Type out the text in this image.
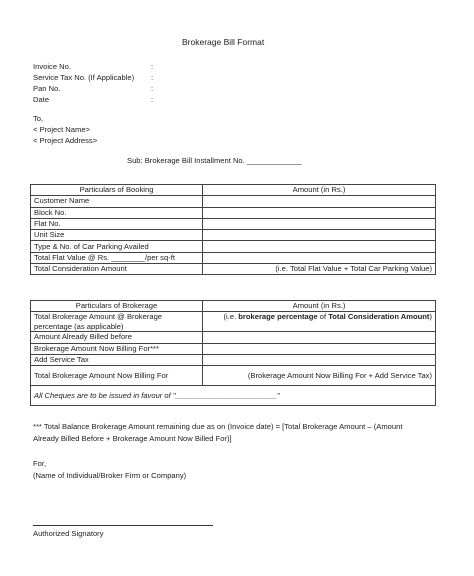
Brokerage Bill Format
Invoice No.	:
Service Tax No. (If Applicable) :
Pan No.	:
Date	:
To,
< Project Name>
< Project Address>
Sub: Brokerage Bill Installment No. _____________
Particulars of Booking	Amount (in Rs.)
Customer Name	
Block No.	
Flat No.	
Unit Size	
Type & No. of Car Parking Availed	
Total Flat Value @ Rs. ________/per sq-ft	
Total Consideration Amount	(i.e. Total Flat Value + Total Car Parking Value)
Particulars of Brokerage	Amount (in Rs.)
Total Brokerage Amount @ Brokerage percentage (as applicable)	(i.e. brokerage percentage of Total Consideration Amount)
Amount Already Billed before	
Brokerage Amount Now Billing For***	
Add Service Tax	
Total Brokerage Amount Now Billing For	(Brokerage Amount Now Billing For + Add Service Tax)
All Cheques are to be issued in favour of "________________________"	
*** Total Balance Brokerage Amount remaining due as on (Invoice date) = [Total Brokerage Amount – (Amount Already Billed Before + Brokerage Amount Now Billed For)]
For,
(Name of Individual/Broker Firm or Company)
Authorized Signatory
